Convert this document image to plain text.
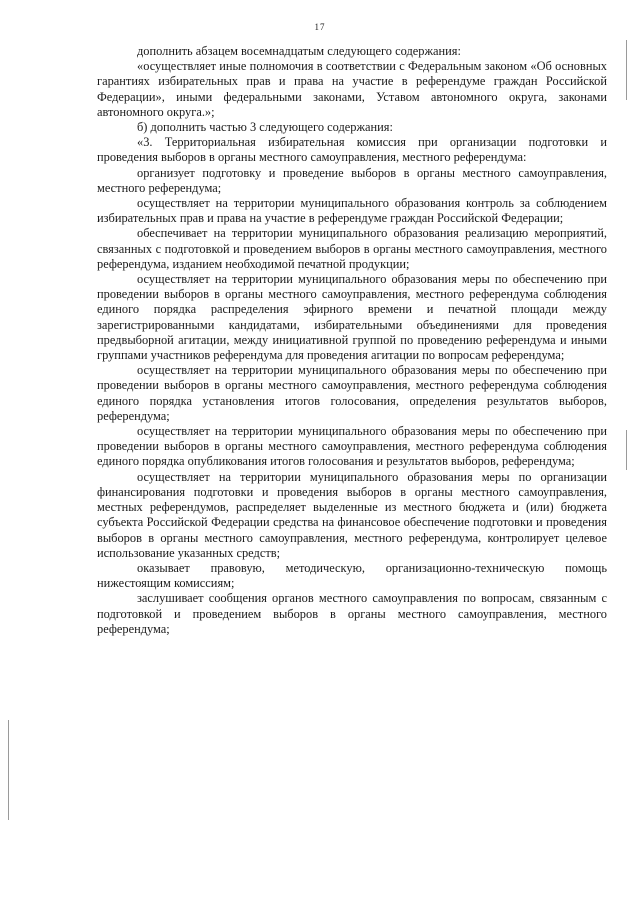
17

дополнить абзацем восемнадцатым следующего содержания:

«осуществляет иные полномочия в соответствии с Федеральным законом «Об основных гарантиях избирательных прав и права на участие в референдуме граждан Российской Федерации», иными федеральными законами, Уставом автономного округа, законами автономного округа.»;

б) дополнить частью 3 следующего содержания:

«3. Территориальная избирательная комиссия при организации подготовки и проведения выборов в органы местного самоуправления, местного референдума:

организует подготовку и проведение выборов в органы местного самоуправления, местного референдума;

осуществляет на территории муниципального образования контроль за соблюдением избирательных прав и права на участие в референдуме граждан Российской Федерации;

обеспечивает на территории муниципального образования реализацию мероприятий, связанных с подготовкой и проведением выборов в органы местного самоуправления, местного референдума, изданием необходимой печатной продукции;

осуществляет на территории муниципального образования меры по обеспечению при проведении выборов в органы местного самоуправления, местного референдума соблюдения единого порядка распределения эфирного времени и печатной площади между зарегистрированными кандидатами, избирательными объединениями для проведения предвыборной агитации, между инициативной группой по проведению референдума и иными группами участников референдума для проведения агитации по вопросам референдума;

осуществляет на территории муниципального образования меры по обеспечению при проведении выборов в органы местного самоуправления, местного референдума соблюдения единого порядка установления итогов голосования, определения результатов выборов, референдума;

осуществляет на территории муниципального образования меры по обеспечению при проведении выборов в органы местного самоуправления, местного референдума соблюдения единого порядка опубликования итогов голосования и результатов выборов, референдума;

осуществляет на территории муниципального образования меры по организации финансирования подготовки и проведения выборов в органы местного самоуправления, местных референдумов, распределяет выделенные из местного бюджета и (или) бюджета субъекта Российской Федерации средства на финансовое обеспечение подготовки и проведения выборов в органы местного самоуправления, местного референдума, контролирует целевое использование указанных средств;

оказывает правовую, методическую, организационно-техническую помощь нижестоящим комиссиям;

заслушивает сообщения органов местного самоуправления по вопросам, связанным с подготовкой и проведением выборов в органы местного самоуправления, местного референдума;
